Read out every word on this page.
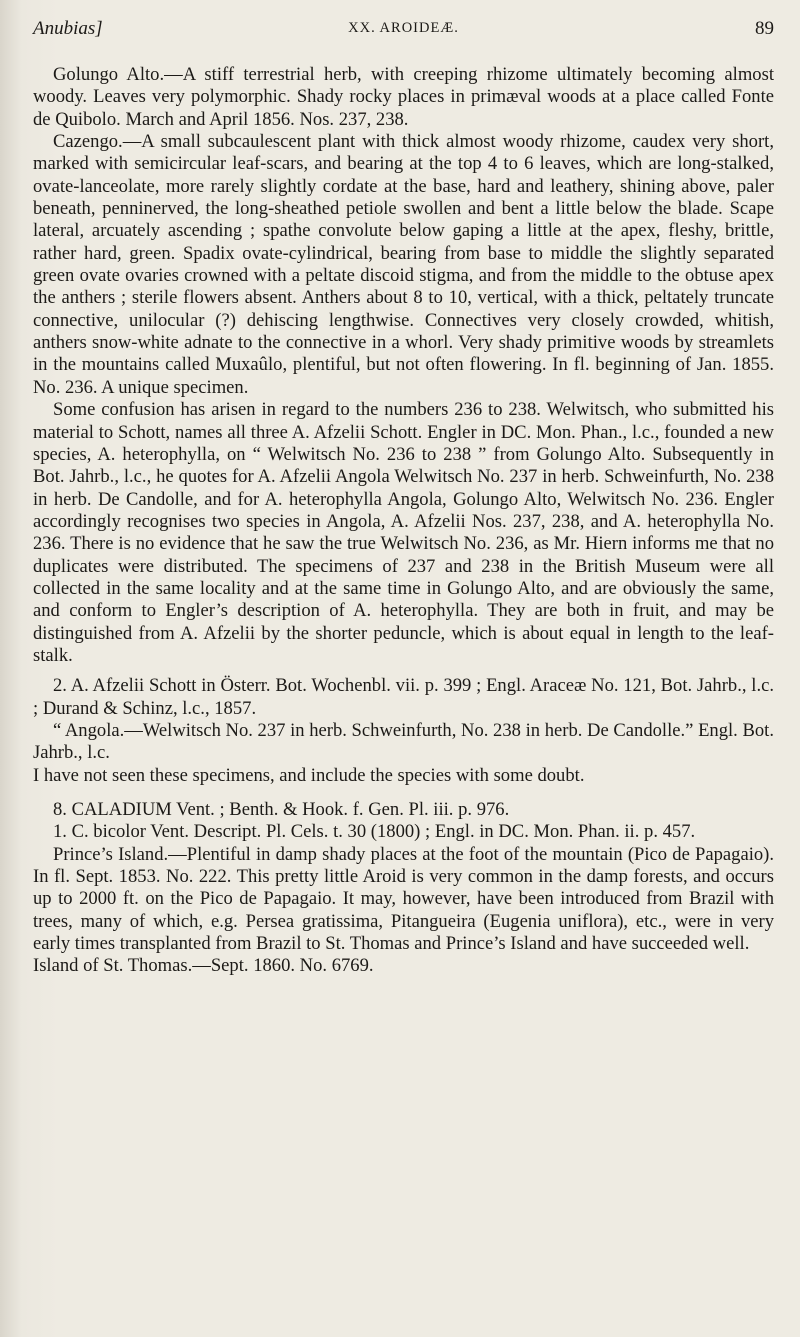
Anubias]	XX. AROIDEÆ.	89

Golungo Alto.—A stiff terrestrial herb, with creeping rhizome ultimately becoming almost woody. Leaves very polymorphic. Shady rocky places in primæval woods at a place called Fonte de Quibolo. March and April 1856. Nos. 237, 238.

Cazengo.—A small subcaulescent plant with thick almost woody rhizome, caudex very short, marked with semicircular leaf-scars, and bearing at the top 4 to 6 leaves, which are long-stalked, ovate-lanceolate, more rarely slightly cordate at the base, hard and leathery, shining above, paler beneath, penninerved, the long-sheathed petiole swollen and bent a little below the blade. Scape lateral, arcuately ascending ; spathe convolute below gaping a little at the apex, fleshy, brittle, rather hard, green. Spadix ovate-cylindrical, bearing from base to middle the slightly separated green ovate ovaries crowned with a peltate discoid stigma, and from the middle to the obtuse apex the anthers ; sterile flowers absent. Anthers about 8 to 10, vertical, with a thick, peltately truncate connective, unilocular (?) dehiscing lengthwise. Connectives very closely crowded, whitish, anthers snow-white adnate to the connective in a whorl. Very shady primitive woods by streamlets in the mountains called Muxaûlo, plentiful, but not often flowering. In fl. beginning of Jan. 1855. No. 236. A unique specimen.

Some confusion has arisen in regard to the numbers 236 to 238. Welwitsch, who submitted his material to Schott, names all three A. Afzelii Schott. Engler in DC. Mon. Phan., l.c., founded a new species, A. heterophylla, on “ Welwitsch No. 236 to 238 ” from Golungo Alto. Subsequently in Bot. Jahrb., l.c., he quotes for A. Afzelii Angola Welwitsch No. 237 in herb. Schweinfurth, No. 238 in herb. De Candolle, and for A. heterophylla Angola, Golungo Alto, Welwitsch No. 236. Engler accordingly recognises two species in Angola, A. Afzelii Nos. 237, 238, and A. heterophylla No. 236. There is no evidence that he saw the true Welwitsch No. 236, as Mr. Hiern informs me that no duplicates were distributed. The specimens of 237 and 238 in the British Museum were all collected in the same locality and at the same time in Golungo Alto, and are obviously the same, and conform to Engler’s description of A. heterophylla. They are both in fruit, and may be distinguished from A. Afzelii by the shorter peduncle, which is about equal in length to the leaf-stalk.

2. A. Afzelii Schott in Österr. Bot. Wochenbl. vii. p. 399 ; Engl. Araceæ No. 121, Bot. Jahrb., l.c. ; Durand & Schinz, l.c., 1857.

“ Angola.—Welwitsch No. 237 in herb. Schweinfurth, No. 238 in herb. De Candolle.” Engl. Bot. Jahrb., l.c.

I have not seen these specimens, and include the species with some doubt.

8. CALADIUM Vent. ; Benth. & Hook. f. Gen. Pl. iii. p. 976.

1. C. bicolor Vent. Descript. Pl. Cels. t. 30 (1800) ; Engl. in DC. Mon. Phan. ii. p. 457.

Prince’s Island.—Plentiful in damp shady places at the foot of the mountain (Pico de Papagaio). In fl. Sept. 1853. No. 222. This pretty little Aroid is very common in the damp forests, and occurs up to 2000 ft. on the Pico de Papagaio. It may, however, have been introduced from Brazil with trees, many of which, e.g. Persea gratissima, Pitangueira (Eugenia uniflora), etc., were in very early times transplanted from Brazil to St. Thomas and Prince’s Island and have succeeded well.

Island of St. Thomas.—Sept. 1860. No. 6769.
